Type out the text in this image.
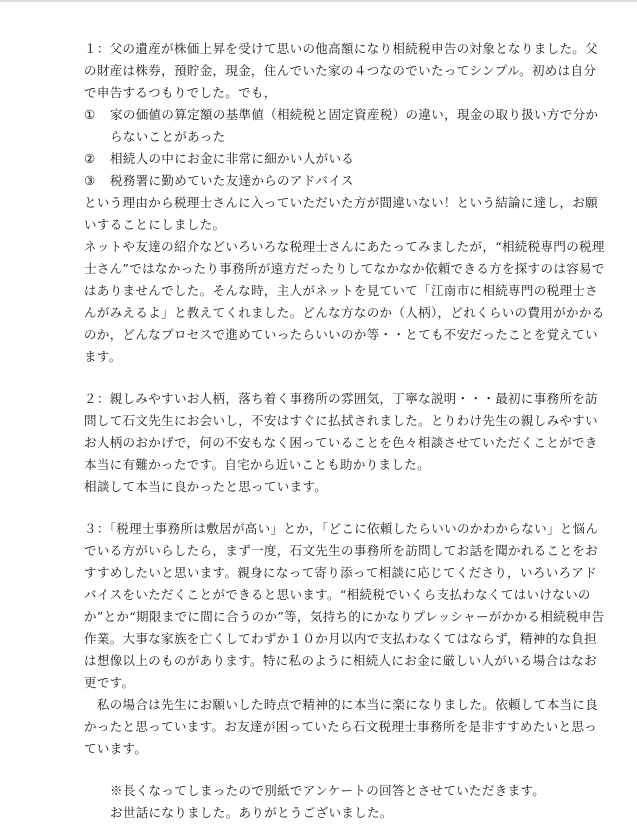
１：父の遺産が株価上昇を受けて思いの他高額になり相続税申告の対象となりました。父
の財産は株券，預貯金，現金，住んでいた家の４つなのでいたってシンプル。初めは自分
で申告するつもりでした。でも，
① 家の価値の算定額の基準値（相続税と固定資産税）の違い，現金の取り扱い方で分か
らないことがあった
② 相続人の中にお金に非常に細かい人がいる
③ 税務署に勤めていた友達からのアドバイス
という理由から税理士さんに入っていただいた方が間違いない！という結論に達し，お願
いすることにしました。
ネットや友達の紹介などいろいろな税理士さんにあたってみましたが，“相続税専門の税理
士さん”ではなかったり事務所が遠方だったりしてなかなか依頼できる方を探すのは容易で
はありませんでした。そんな時，主人がネットを見ていて「江南市に相続専門の税理士さ
んがみえるよ」と教えてくれました。どんな方なのか（人柄），どれくらいの費用がかかる
のか，どんなプロセスで進めていったらいいのか等・・とても不安だったことを覚えてい
ます。
２：親しみやすいお人柄，落ち着く事務所の雰囲気，丁寧な説明・・・最初に事務所を訪
問して石文先生にお会いし，不安はすぐに払拭されました。とりわけ先生の親しみやすい
お人柄のおかげで，何の不安もなく困っていることを色々相談させていただくことができ
本当に有難かったです。自宅から近いことも助かりました。
相談して本当に良かったと思っています。
３：「税理士事務所は敷居が高い」とか，「どこに依頼したらいいのかわからない」と悩ん
でいる方がいらしたら，まず一度，石文先生の事務所を訪問してお話を聞かれることをお
すすめしたいと思います。親身になって寄り添って相談に応じてくださり，いろいろアド
バイスをいただくことができると思います。“相続税でいくら支払わなくてはいけないの
か”とか“期限までに間に合うのか”等，気持ち的にかなりプレッシャーがかかる相続税申告
作業。大事な家族を亡くしてわずか１０か月以内で支払わなくてはならず，精神的な負担
は想像以上のものがあります。特に私のように相続人にお金に厳しい人がいる場合はなお
更です。
　私の場合は先生にお願いした時点で精神的に本当に楽になりました。依頼して本当に良
かったと思っています。お友達が困っていたら石文税理士事務所を是非すすめたいと思っ
ています。
※長くなってしまったので別紙でアンケートの回答とさせていただきます。
お世話になりました。ありがとうございました。
